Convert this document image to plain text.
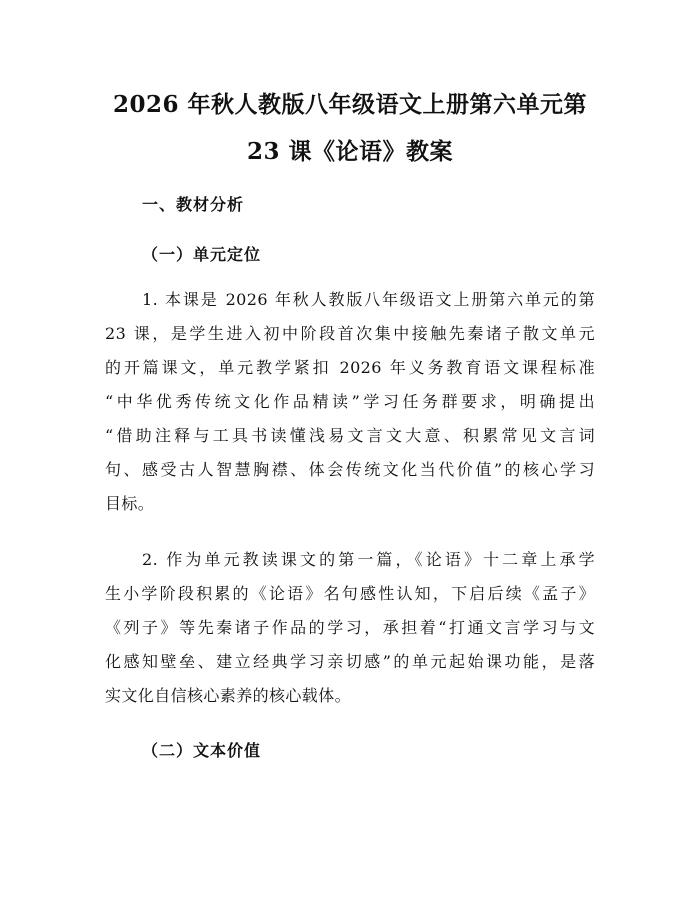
2026 年秋人教版八年级语文上册第六单元第
23 课《论语》教案
一、教材分析
（一）单元定位

1. 本课是 2026 年秋人教版八年级语文上册第六单元的第
23 课，是学生进入初中阶段首次集中接触先秦诸子散文单元
的开篇课文，单元教学紧扣 2026 年义务教育语文课程标准
“中华优秀传统文化作品精读”学习任务群要求，明确提出
“借助注释与工具书读懂浅易文言文大意、积累常见文言词
句、感受古人智慧胸襟、体会传统文化当代价值”的核心学习
目标。

2. 作为单元教读课文的第一篇，《论语》十二章上承学
生小学阶段积累的《论语》名句感性认知，下启后续《孟子》
《列子》等先秦诸子作品的学习，承担着“打通文言学习与文
化感知壁垒、建立经典学习亲切感”的单元起始课功能，是落
实文化自信核心素养的核心载体。

（二）文本价值
